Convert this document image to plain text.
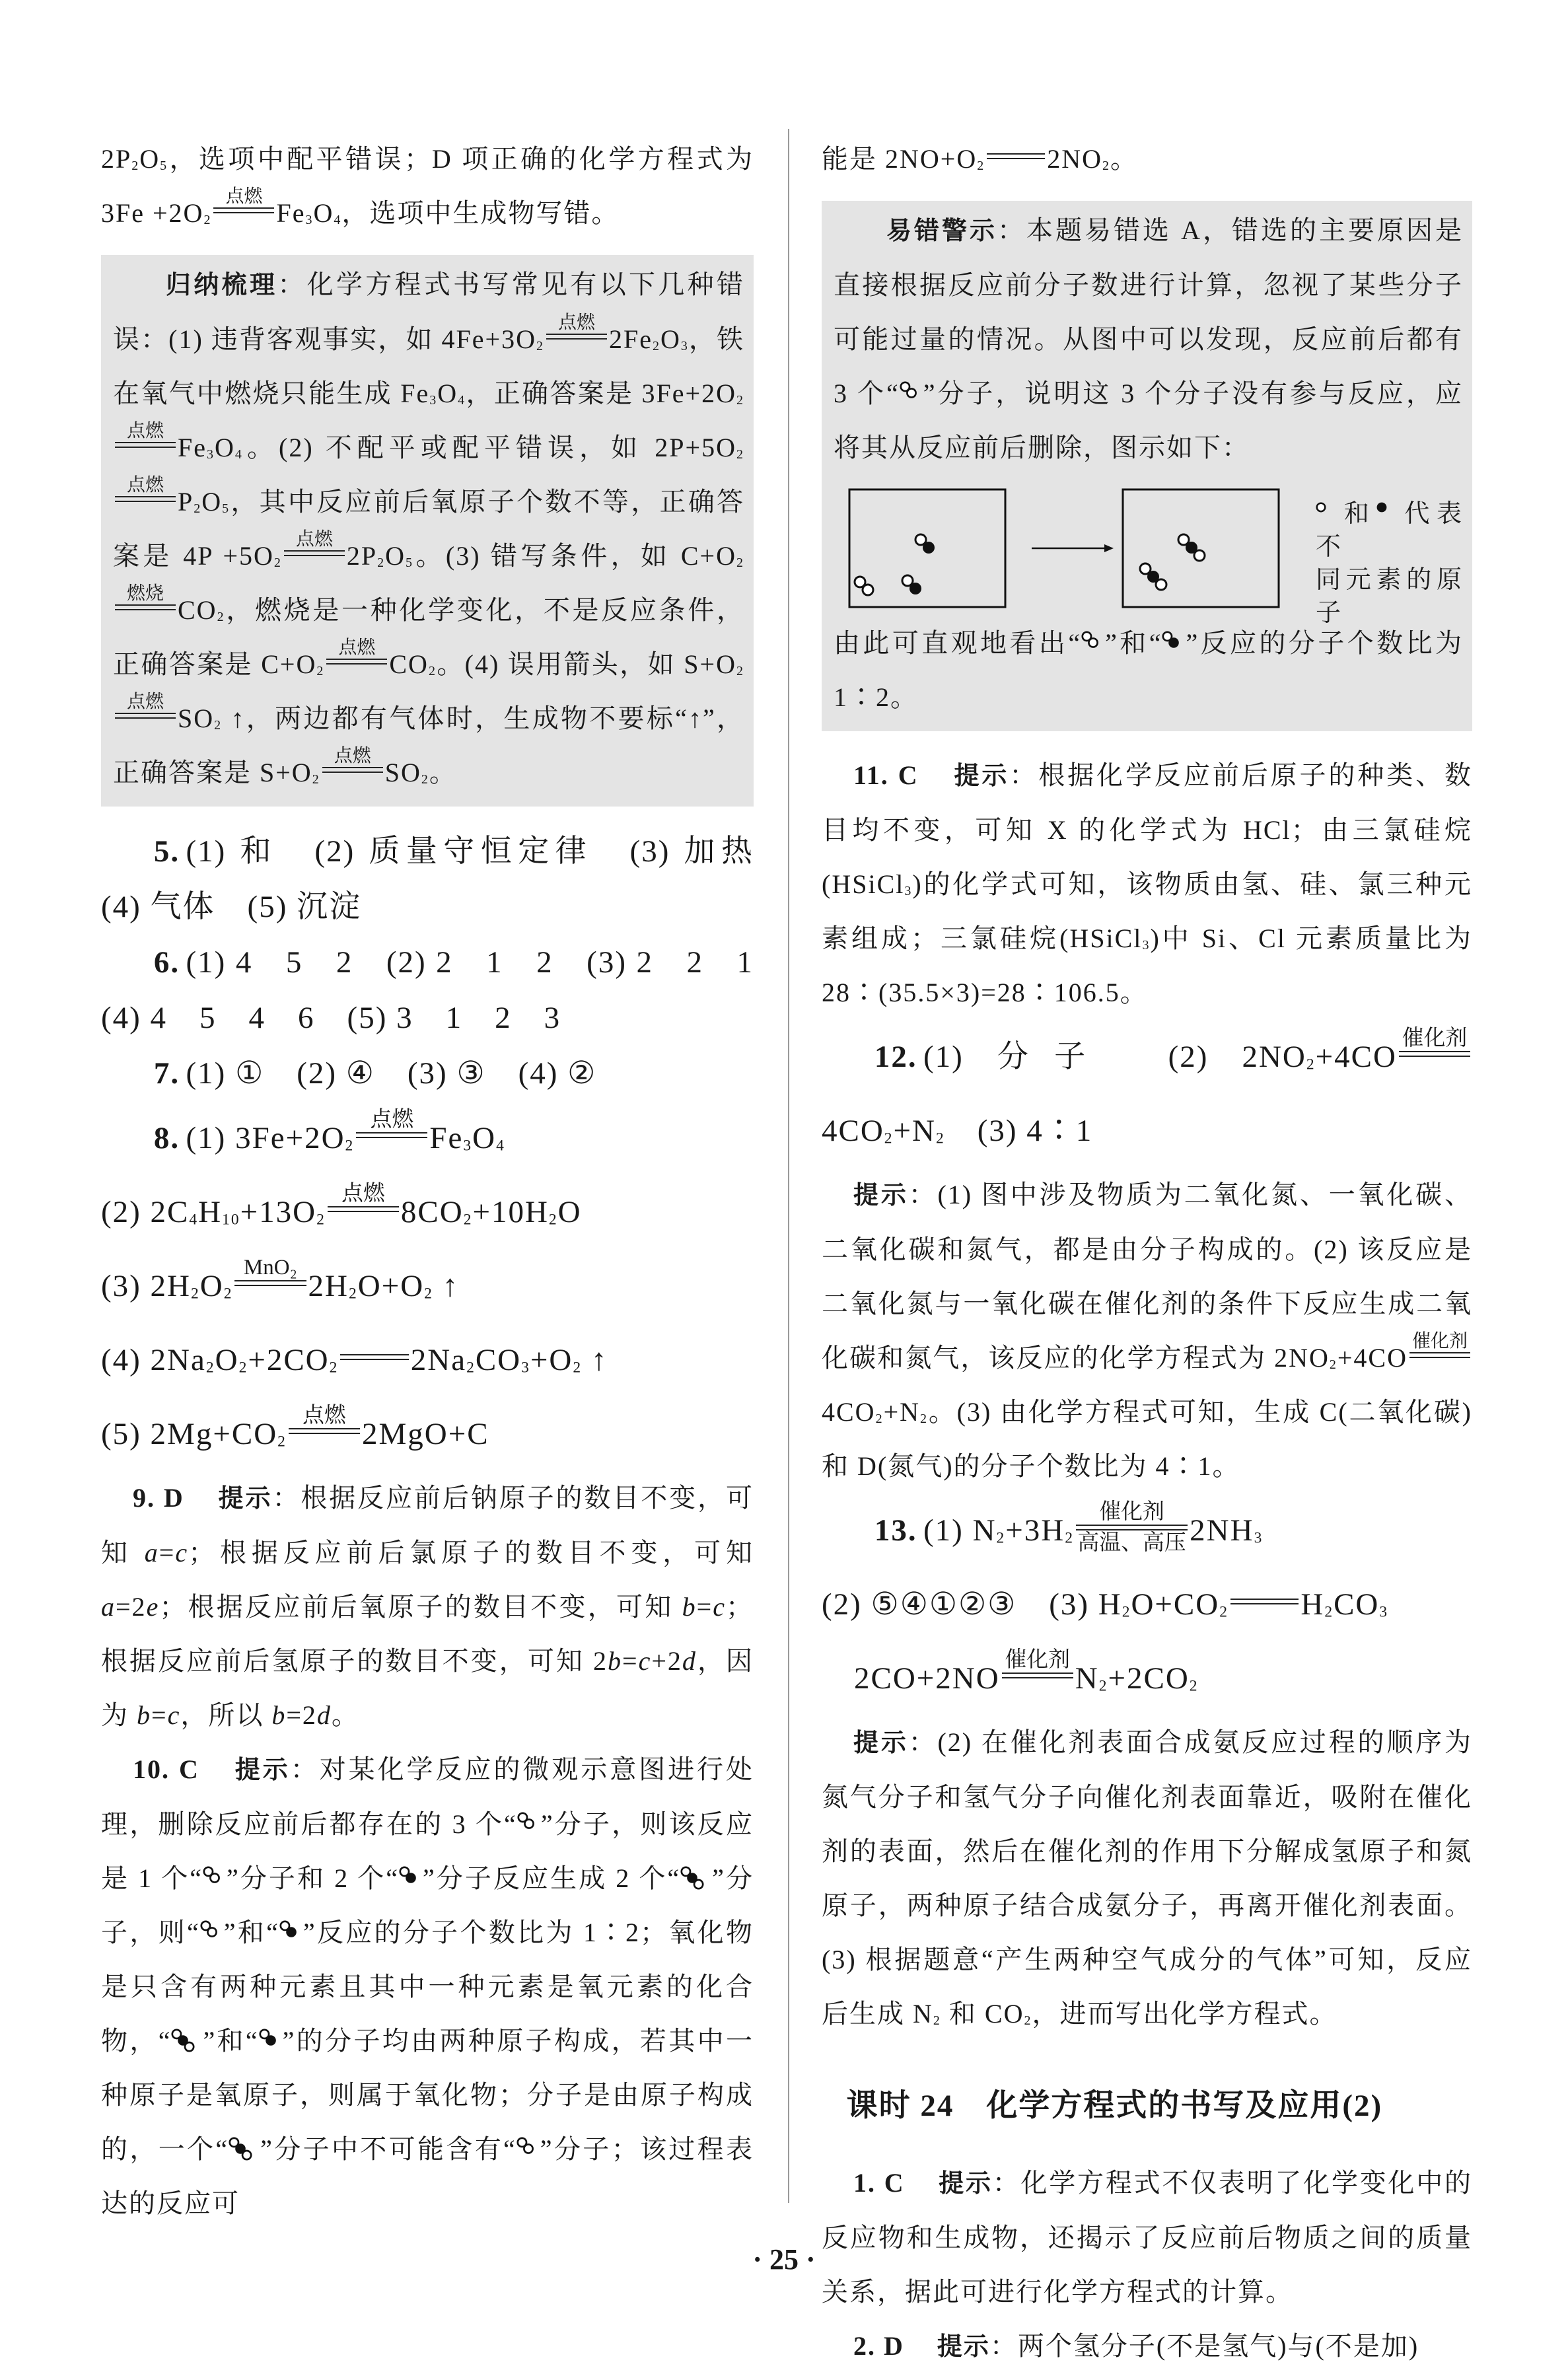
$2P_2O_5$，选项中配平错误；D 项正确的化学方程式为 $3Fe +2O_2$
点燃
$Fe_3O_4$，选项中生成物写错。
归纳梳理：化学方程式书写常见有以下几种错误：(1) 违背客观事实，如 $4Fe+3O_2$
点燃
$2Fe_2O_3$，铁在氧气中燃烧只能生成 $Fe_3O_4$，正确答案是 $3Fe+2O_2$
点燃
$Fe_3O_4$。(2) 不配平或配平错误，如 $2P+5O_2$
点燃
$P_2O_5$，其中反应前后氧原子个数不等，正确答案是 $4P +5O_2$
点燃
$2P_2O_5$。(3) 错写条件，如 $C+O_2$
燃烧
$CO_2$，燃烧是一种化学变化，不是反应条件，正确答案是 $C+O_2$
点燃
$CO_2$。(4) 误用箭头，如 $S+O_2$
点燃
$SO_2$ ↑，两边都有气体时，生成物不要标“↑”，正确答案是 $S+O_2$
点燃
$SO_2$。
5. (1) 和　(2) 质量守恒定律　(3) 加热　(4) 气体　(5) 沉淀
6. (1) 4　5　2　(2) 2　1　2　(3) 2　2　1　(4) 4　5　4　6　(5) 3　1　2　3
7. (1) ①　(2) ④　(3) ③　(4) ②
8. (1) $3Fe+2O_2$
点燃
$Fe_3O_4$
(2) $2C_4H_{10}+13O_2$
点燃
$8CO_2+10H_2O$
(3) $2H_2O_2$
MnO₂
$2H_2O+O_2$ ↑
(4) $2Na_2O_2+2CO_2$ $2Na_2CO_3+O_2$ ↑
(5) $2Mg+CO_2$
点燃
2MgO+C
9. D　 提示：根据反应前后钠原子的数目不变，可知 a=c；根据反应前后氯原子的数目不变，可知 a=2e；根据反应前后氧原子的数目不变，可知 b=c；根据反应前后氢原子的数目不变，可知 2b=c+2d，因为 b=c，所以 b=2d。
10. C　 提示：对某化学反应的微观示意图进行处理，删除反应前后都存在的 3 个“ ”分子，则该反应是 1 个“ ”分子和 2 个“ ”分子反应生成 2 个“ ”分子，则“ ”和“ ”反应的分子个数比为 1∶2；氧化物是只含有两种元素且其中一种元素是氧元素的化合物，“ ”和“ ”的分子均由两种原子构成，若其中一种原子是氧原子，则属于氧化物；分子是由原子构成的，一个“ ”分子中不可能含有“ ”分子；该过程表达的反应可
能是 $2NO+O_2$ $2NO_2$。
易错警示：本题易错选 A，错选的主要原因是直接根据反应前分子数进行计算，忽视了某些分子可能过量的情况。从图中可以发现，反应前后都有 3 个“ ”分子，说明这 3 个分子没有参与反应，应将其从反应前后删除，图示如下：
和 代表不
同元素的原子
由此可直观地看出“ ”和“ ”反应的分子个数比为 1∶2。
11. C　 提示：根据化学反应前后原子的种类、数目均不变，可知 X 的化学式为 HCl；由三氯硅烷(HSiCl$_3$)的化学式可知，该物质由氢、硅、氯三种元素组成；三氯硅烷(HSiCl$_3$)中 Si、Cl 元素质量比为 28∶(35.5×3)=28∶106.5。
12. (1) 分子　(2) $2NO_2+4CO$
催化剂
$4CO_2+N_2$　(3) 4∶1
提示：(1) 图中涉及物质为二氧化氮、一氧化碳、二氧化碳和氮气，都是由分子构成的。(2) 该反应是二氧化氮与一氧化碳在催化剂的条件下反应生成二氧化碳和氮气，该反应的化学方程式为 $2NO_2+4CO$
催化剂
$4CO_2+N_2$。(3) 由化学方程式可知，生成 C(二氧化碳)和 D(氮气)的分子个数比为 4∶1。
13. (1) $N_2+3H_2$
催化剂
高温、高压 $2NH_3$
(2) ⑤④①②③　(3) $H_2O+CO_2$ $H_2CO_3$
　2CO+2NO
催化剂
$N_2+2CO_2$
提示：(2) 在催化剂表面合成氨反应过程的顺序为氮气分子和氢气分子向催化剂表面靠近，吸附在催化剂的表面，然后在催化剂的作用下分解成氢原子和氮原子，两种原子结合成氨分子，再离开催化剂表面。(3) 根据题意“产生两种空气成分的气体”可知，反应后生成 $N_2$ 和 $CO_2$，进而写出化学方程式。
课时 24　化学方程式的书写及应用(2)
1. C　 提示：化学方程式不仅表明了化学变化中的反应物和生成物，还揭示了反应前后物质之间的质量关系，据此可进行化学方程式的计算。
2. D　 提示：两个氢分子(不是氢气)与(不是加)
· 25 ·
